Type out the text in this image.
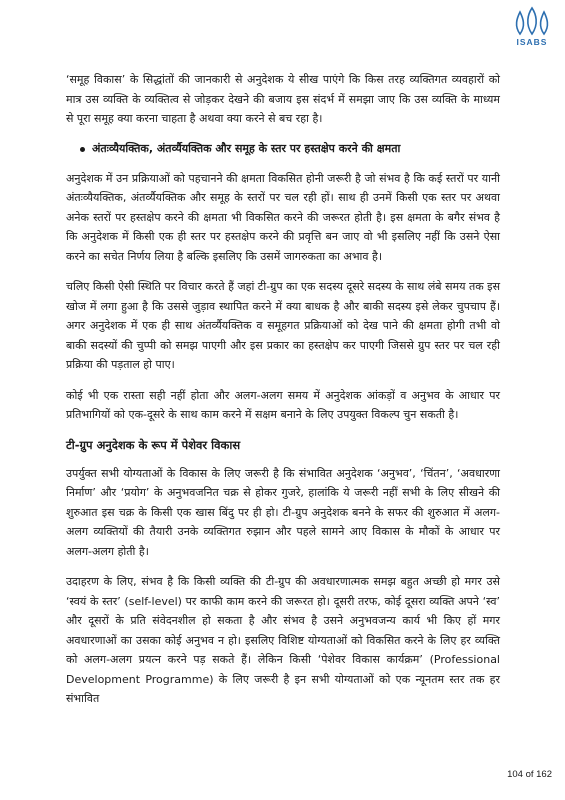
ISABS

‘समूह विकास’ के सिद्धांतों की जानकारी से अनुदेशक ये सीख पाएंगे कि किस तरह व्यक्तिगत व्यवहारों को मात्र उस व्यक्ति के व्यक्तित्व से जोड़कर देखने की बजाय इस संदर्भ में समझा जाए कि उस व्यक्ति के माध्यम से पूरा समूह क्या करना चाहता है अथवा क्या करने से बच रहा है।

अंतःव्यैयक्तिक, अंतर्व्यैयक्तिक और समूह के स्तर पर हस्तक्षेप करने की क्षमता

अनुदेशक में उन प्रक्रियाओं को पहचानने की क्षमता विकसित होनी जरूरी है जो संभव है कि कई स्तरों पर यानी अंतःव्यैयक्तिक, अंतर्व्यैयक्तिक और समूह के स्तरों पर चल रही हों। साथ ही उनमें किसी एक स्तर पर अथवा अनेक स्तरों पर हस्तक्षेप करने की क्षमता भी विकसित करने की जरूरत होती है। इस क्षमता के बगैर संभव है कि अनुदेशक में किसी एक ही स्तर पर हस्तक्षेप करने की प्रवृत्ति बन जाए वो भी इसलिए नहीं कि उसने ऐसा करने का सचेत निर्णय लिया है बल्कि इसलिए कि उसमें जागरुकता का अभाव है।

चलिए किसी ऐसी स्थिति पर विचार करते हैं जहां टी-ग्रुप का एक सदस्य दूसरे सदस्य के साथ लंबे समय तक इस खोज में लगा हुआ है कि उससे जुड़ाव स्थापित करने में क्या बाधक है और बाकी सदस्य इसे लेकर चुपचाप हैं। अगर अनुदेशक में एक ही साथ अंतर्व्यैयक्तिक व समूहगत प्रक्रियाओं को देख पाने की क्षमता होगी तभी वो बाकी सदस्यों की चुप्पी को समझ पाएगी और इस प्रकार का हस्तक्षेप कर पाएगी जिससे ग्रुप स्तर पर चल रही प्रक्रिया की पड़ताल हो पाए।

कोई भी एक रास्ता सही नहीं होता और अलग-अलग समय में अनुदेशक आंकड़ों व अनुभव के आधार पर प्रतिभागियों को एक-दूसरे के साथ काम करने में सक्षम बनाने के लिए उपयुक्त विकल्प चुन सकती है।

टी-ग्रुप अनुदेशक के रूप में पेशेवर विकास

उपर्युक्त सभी योग्यताओं के विकास के लिए जरूरी है कि संभावित अनुदेशक ‘अनुभव’, ‘चिंतन’, ‘अवधारणा निर्माण’ और ‘प्रयोग’ के अनुभवजनित चक्र से होकर गुजरे, हालांकि ये जरूरी नहीं सभी के लिए सीखने की शुरुआत इस चक्र के किसी एक खास बिंदु पर ही हो। टी-ग्रुप अनुदेशक बनने के सफर की शुरुआत में अलग-अलग व्यक्तियों की तैयारी उनके व्यक्तिगत रुझान और पहले सामने आए विकास के मौकों के आधार पर अलग-अलग होती है।

उदाहरण के लिए, संभव है कि किसी व्यक्ति की टी-ग्रुप की अवधारणात्मक समझ बहुत अच्छी हो मगर उसे ‘स्वयं के स्तर’ (self-level) पर काफी काम करने की जरूरत हो। दूसरी तरफ, कोई दूसरा व्यक्ति अपने ‘स्व’ और दूसरों के प्रति संवेदनशील हो सकता है और संभव है उसने अनुभवजन्य कार्य भी किए हों मगर अवधारणाओं का उसका कोई अनुभव न हो। इसलिए विशिष्ट योग्यताओं को विकसित करने के लिए हर व्यक्ति को अलग-अलग प्रयत्न करने पड़ सकते हैं। लेकिन किसी ‘पेशेवर विकास कार्यक्रम’ (Professional Development Programme) के लिए जरूरी है इन सभी योग्यताओं को एक न्यूनतम स्तर तक हर संभावित

104 of 162
